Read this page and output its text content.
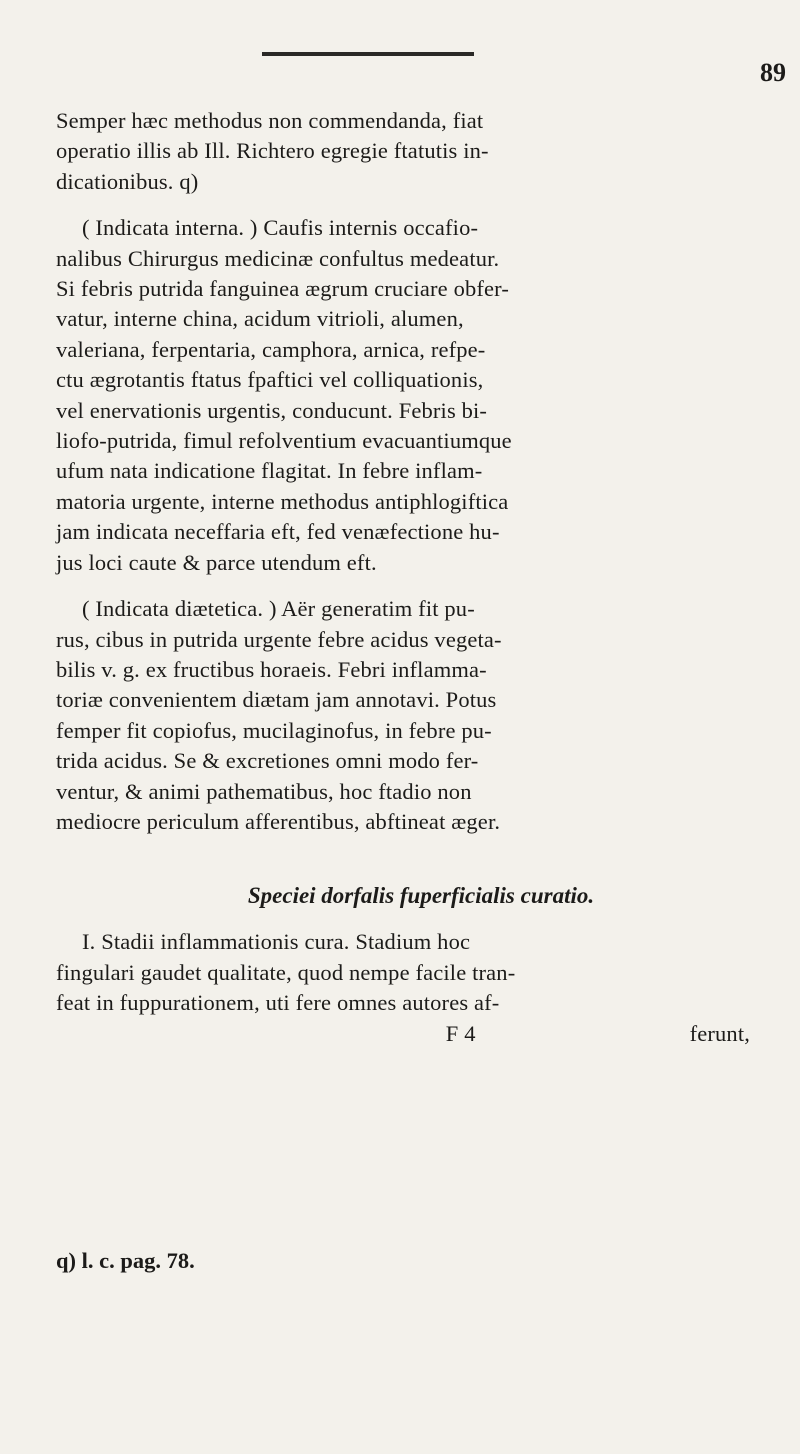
89
Semper hæc methodus non commendanda, fiat
operatio illis ab Ill. Richtero egregie ftatutis in-
dicationibus. q)
( Indicata interna. ) Caufis internis occafio-
nalibus Chirurgus medicinæ confultus medeatur.
Si febris putrida fanguinea ægrum cruciare obfer-
vatur, interne china, acidum vitrioli, alumen,
valeriana, ferpentaria, camphora, arnica, refpe-
ctu ægrotantis ftatus fpaftici vel colliquationis,
vel enervationis urgentis, conducunt. Febris bi-
liofo-putrida, fimul refolventium evacuantiumque
ufum nata indicatione flagitat. In febre inflam-
matoria urgente, interne methodus antiphlogiftica
jam indicata neceffaria eft, fed venæfectione hu-
jus loci caute & parce utendum eft.
( Indicata diætetica. ) Aër generatim fit pu-
rus, cibus in putrida urgente febre acidus vegeta-
bilis v. g. ex fructibus horaeis. Febri inflamma-
toriæ convenientem diætam jam annotavi. Potus
femper fit copiofus, mucilaginofus, in febre pu-
trida acidus. Se & excretiones omni modo fer-
ventur, & animi pathematibus, hoc ftadio non
mediocre periculum afferentibus, abftineat æger.
Speciei dorfalis fuperficialis curatio.
I. Stadii inflammationis cura. Stadium hoc
fingulari gaudet qualitate, quod nempe facile tran-
feat in fuppurationem, uti fere omnes autores af-
F 4	ferunt,
q) l. c. pag. 78.
